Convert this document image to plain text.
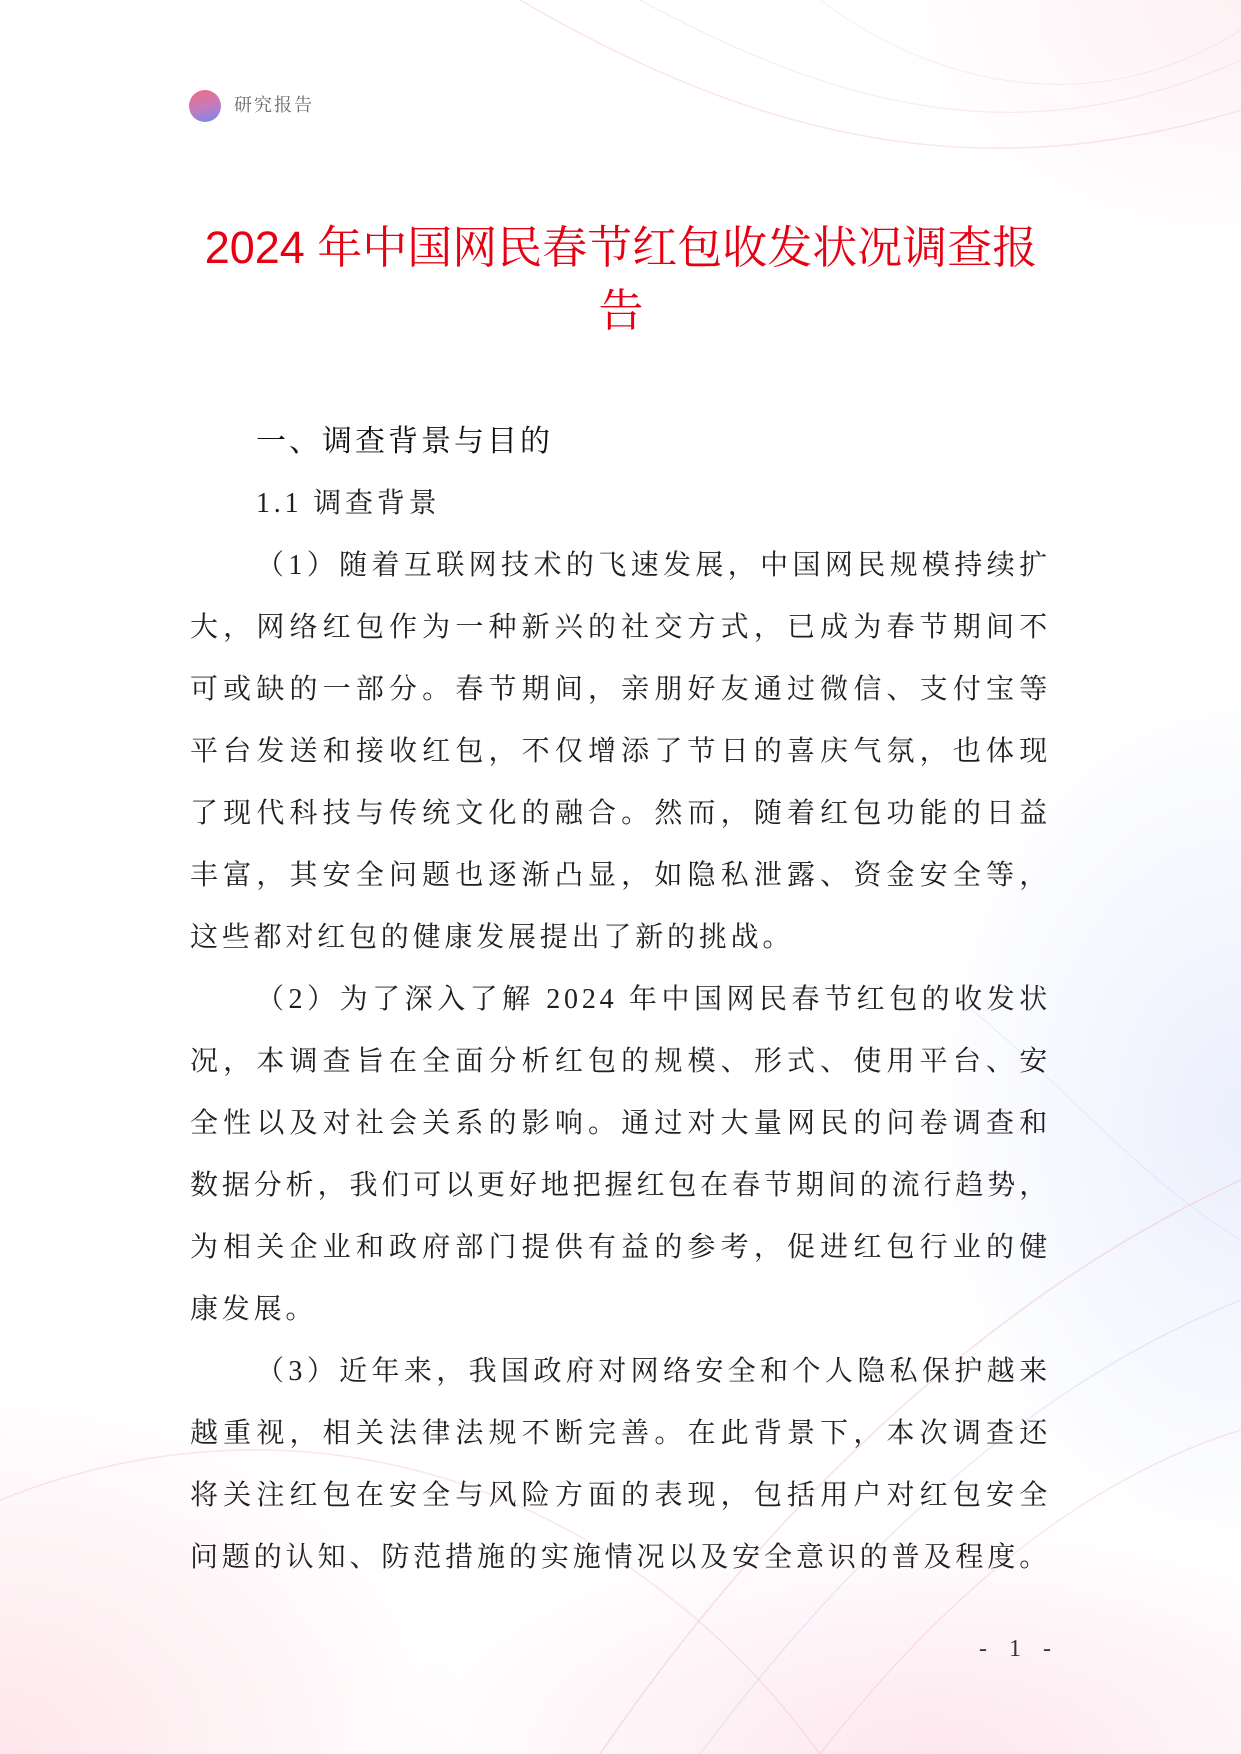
研究报告
2024 年中国网民春节红包收发状况调查报告
一、调查背景与目的
1.1 调查背景
（1）随着互联网技术的飞速发展，中国网民规模持续扩
大，网络红包作为一种新兴的社交方式，已成为春节期间不
可或缺的一部分。春节期间，亲朋好友通过微信、支付宝等
平台发送和接收红包，不仅增添了节日的喜庆气氛，也体现
了现代科技与传统文化的融合。然而，随着红包功能的日益
丰富，其安全问题也逐渐凸显，如隐私泄露、资金安全等，
这些都对红包的健康发展提出了新的挑战。
（2）为了深入了解 2024 年中国网民春节红包的收发状
况，本调查旨在全面分析红包的规模、形式、使用平台、安
全性以及对社会关系的影响。通过对大量网民的问卷调查和
数据分析，我们可以更好地把握红包在春节期间的流行趋势，
为相关企业和政府部门提供有益的参考，促进红包行业的健
康发展。
（3）近年来，我国政府对网络安全和个人隐私保护越来
越重视，相关法律法规不断完善。在此背景下，本次调查还
将关注红包在安全与风险方面的表现，包括用户对红包安全
问题的认知、防范措施的实施情况以及安全意识的普及程度。
- 1 -
